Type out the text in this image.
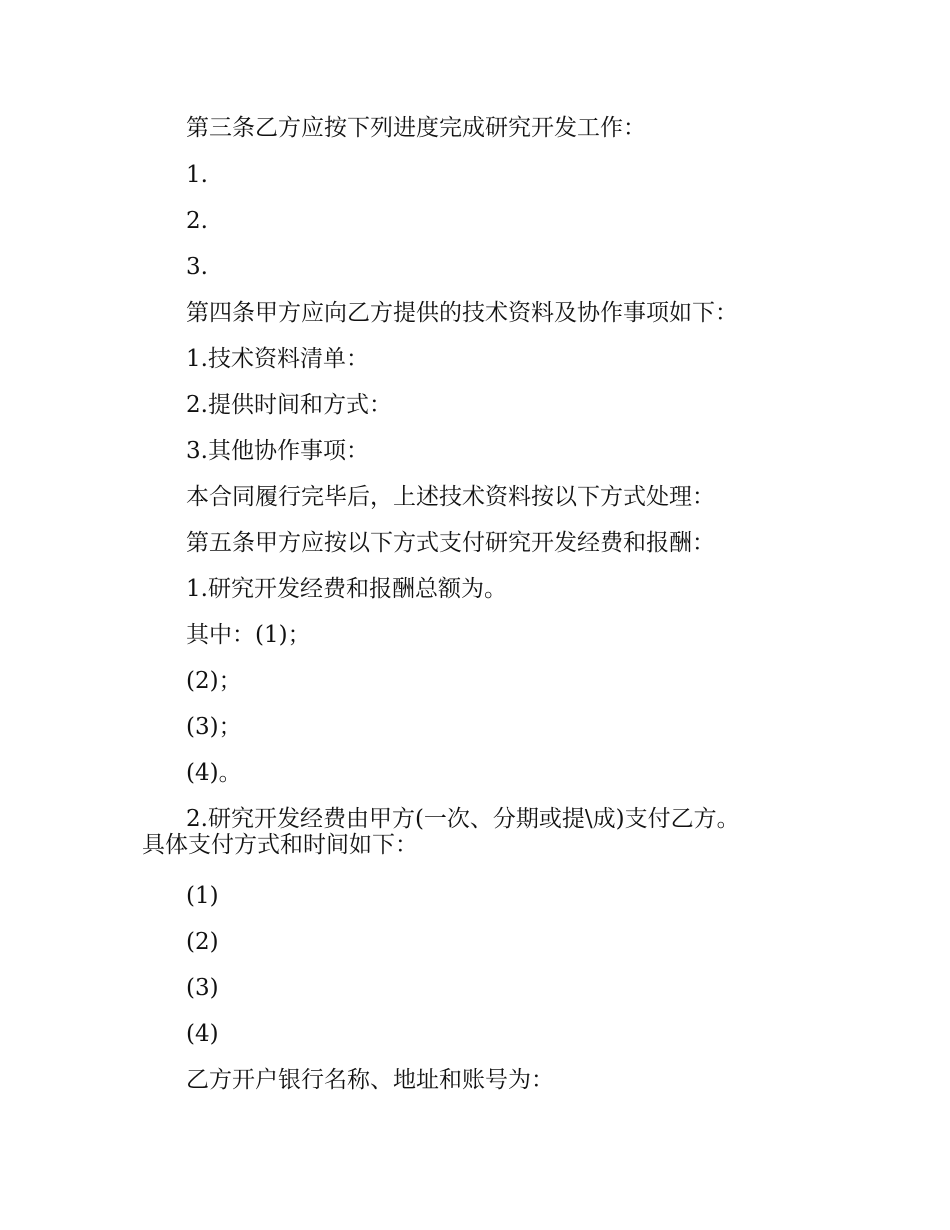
第三条乙方应按下列进度完成研究开发工作：
1.
2.
3.
第四条甲方应向乙方提供的技术资料及协作事项如下：
1.技术资料清单：
2.提供时间和方式：
3.其他协作事项：
本合同履行完毕后，上述技术资料按以下方式处理：
第五条甲方应按以下方式支付研究开发经费和报酬：
1.研究开发经费和报酬总额为。
其中：(1)；
(2)；
(3)；
(4)。
2.研究开发经费由甲方(一次、分期或提\成)支付乙方。
具体支付方式和时间如下：
(1)
(2)
(3)
(4)
乙方开户银行名称、地址和账号为：
